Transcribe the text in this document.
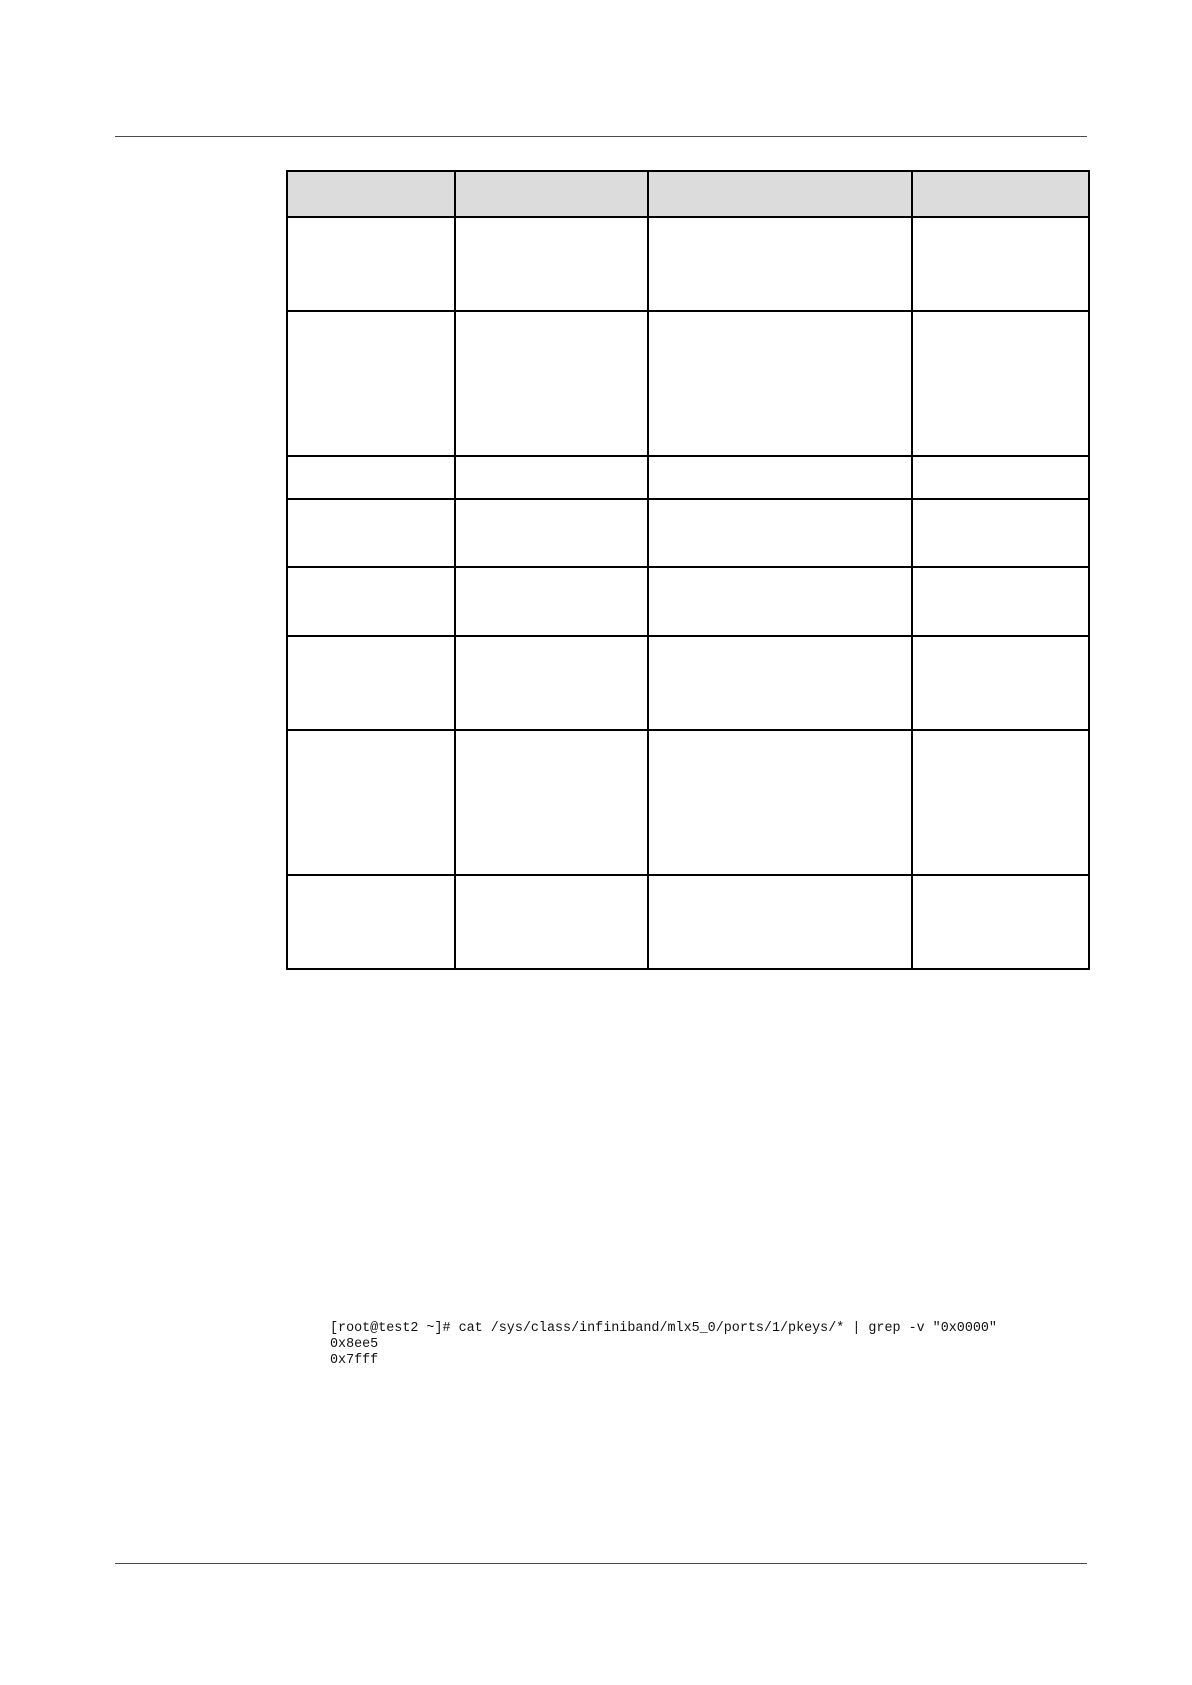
[root@test2 ~]# cat /sys/class/infiniband/mlx5_0/ports/1/pkeys/* | grep -v "0x0000"
0x8ee5
0x7fff
